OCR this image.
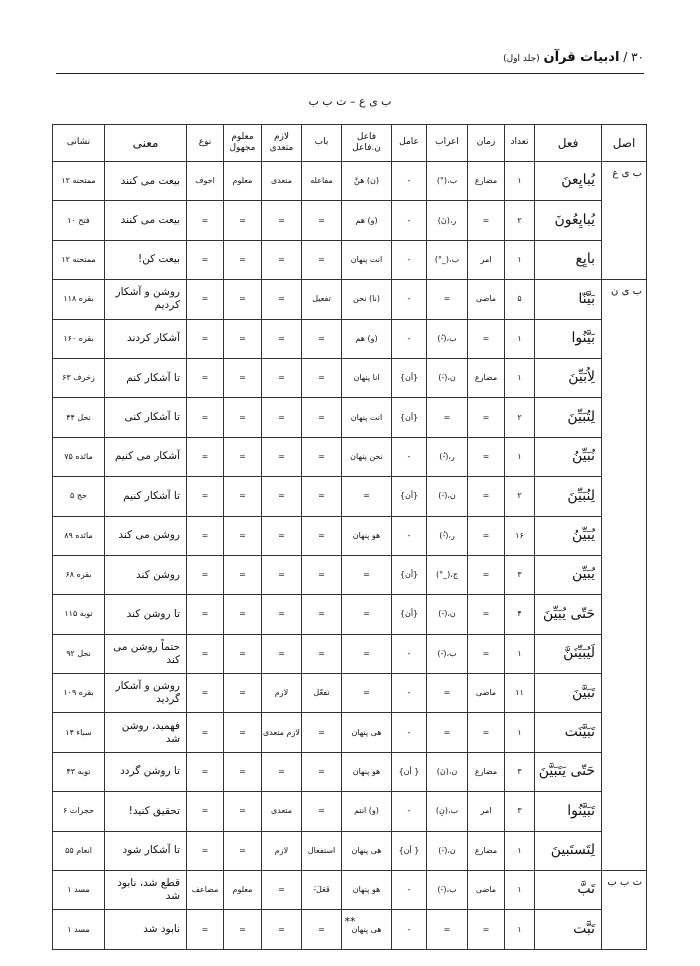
۳۰ / ادبیات قرآن (جلد اول)
ب ی ع – ت ب ب
اصل	فعل	تعداد	زمان	اعراب	عامل	فاعل ن.فاعل	باب	لازم متعدی	معلوم مجهول	نوع	معنی	نشانی
ب ی ع	یُبایِعنَ	۱	مضارع	ب،(°)	-	(ن) هنَّ	مفاعله	متعدی	معلوم	اجوف	بیعت می کنند	ممتحنه ۱۲
	یُبایِعُونَ	۲	=	ر،(نَ)	-	(و) هم	=	=	=	=	بیعت می کنند	فتح ۱۰
	بایِع	۱	امر	ب،(_°)	-	انت پنهان	=	=	=	=	بیعت کن!	ممتحنه ۱۲
ب ی ن	بَیَّنّا	۵	ماضی	=	-	(نا) نحن	تفعیل	=	=	=	روشن و آشکار کردیم	بقره ۱۱۸
	بَیَّنُوا	۱	=	ب،(-ُ)	-	(و) هم	=	=	=	=	آشکار کردند	بقره ۱۶۰
	لِاُبَیِّنَ	۱	مضارع	ن،(-َ)	{أن}	انا پنهان	=	=	=	=	تا آشکار کنم	زخرف ۶۳
	لِتُبَیِّنَ	۲	=	=	{أن}	انت پنهان	=	=	=	=	تا آشکار کنی	نحل ۴۴
	نُبَیِّنُ	۱	=	ر،(-ُ)	-	نحن پنهان	=	=	=	=	آشکار می کنیم	مائده ۷۵
	لِنُبَیِّنَ	۲	=	ن،(-َ)	{أن}	=	=	=	=	=	تا آشکار کنیم	حج ۵
	یُبَیِّنُ	۱۶	=	ر،(-ُ)	-	هو پنهان	=	=	=	=	روشن می کند	مائده ۸۹
	یُبَیِّن	۳	=	ج،(_°)	{أن}	=	=	=	=	=	روشن کند	بقره ۶۸
	حَتّی یُبَیِّنَ	۴	=	ن،(-َ)	{أن}	=	=	=	=	=	تا روشن کند	توبه ۱۱۵
	لَیُبَیِّنَنَّ	۱	=	ب،(-َ)	-	=	=	=	=	=	حتماً روشن می کند	نحل ۹۲
	تَبَیَّنَ	۱۱	ماضی	=	-	=	تفعّل	لازم	=	=	روشن و آشکار گردید	بقره ۱۰۹
	تَبَیَّنَت	۱	=	=	-	هی پنهان	=	لازم متعدی	=	=	فهمید، روشن شد	سباء ۱۴
	حَتّی یَتَبَیَّنَ	۳	مضارع	ن،(نَ)	{ أن}	هو پنهان	=	=	=	=	تا روشن گردد	توبه ۴۳
	تَبَیَّنُوا	۳	امر	ب،(نِ)	-	(و) انتم	=	متعدی	=	=	تحقیق کنید!	حجرات ۶
	لِتَستَبینَ	۱	مضارع	ن،(-َ)	{ أن}	هی پنهان	استفعال	لازم	=	=	تا آشکار شود	انعام ۵۵
ت ب ب	تَبَّ	۱	ماضی	ب،(-َ)	-	هو پنهان	فَعَلَ-َ	=	معلوم	مضاعف	قطع شد، نابود شد	مسد ۱
	تَبَّت	۱	=	=	-	هی پنهان	=	=	=	=	نابود شد	مسد ۱
**
